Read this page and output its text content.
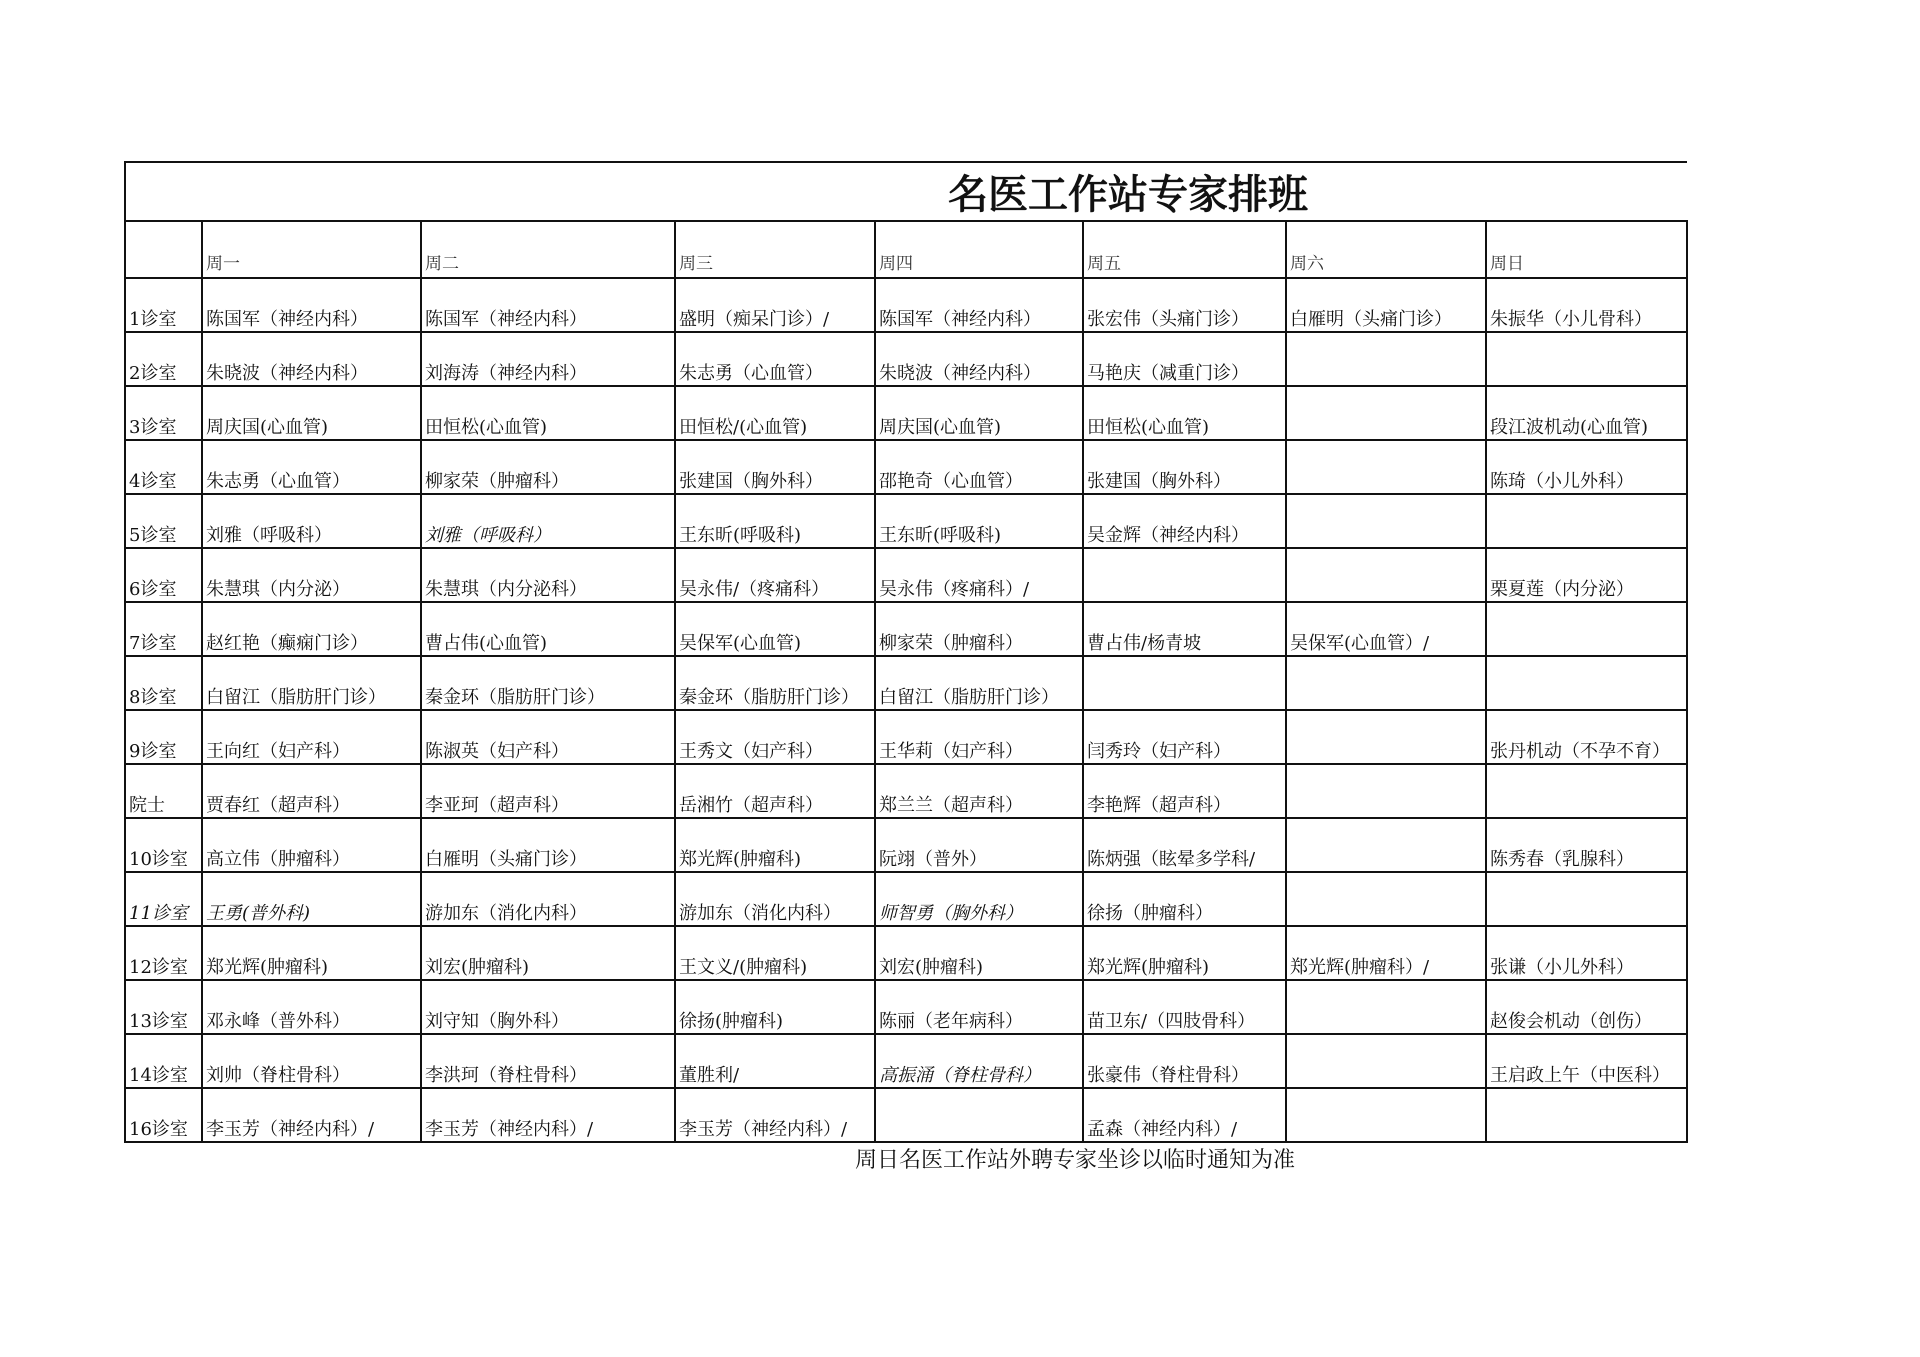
名医工作站专家排班							
	周一	周二	周三	周四	周五	周六	周日
1诊室	陈国军（神经内科）	陈国军（神经内科）	盛明（痴呆门诊）/	陈国军（神经内科）	张宏伟（头痛门诊）	白雁明（头痛门诊）	朱振华（小儿骨科）
2诊室	朱晓波（神经内科）	刘海涛（神经内科）	朱志勇（心血管）	朱晓波（神经内科）	马艳庆（减重门诊）		
3诊室	周庆国(心血管)	田恒松(心血管)	田恒松/(心血管)	周庆国(心血管)	田恒松(心血管)		段江波机动(心血管)
4诊室	朱志勇（心血管）	柳家荣（肿瘤科）	张建国（胸外科）	邵艳奇（心血管）	张建国（胸外科）		陈琦（小儿外科）
5诊室	刘雅（呼吸科）	刘雅（呼吸科）	王东昕(呼吸科)	王东昕(呼吸科)	吴金辉（神经内科）		
6诊室	朱慧琪（内分泌）	朱慧琪（内分泌科）	吴永伟/（疼痛科）	吴永伟（疼痛科）/			栗夏莲（内分泌）
7诊室	赵红艳（癫痫门诊）	曹占伟(心血管)	吴保军(心血管)	柳家荣（肿瘤科）	曹占伟/杨青坡	吴保军(心血管）/	
8诊室	白留江（脂肪肝门诊）	秦金环（脂肪肝门诊）	秦金环（脂肪肝门诊）	白留江（脂肪肝门诊）			
9诊室	王向红（妇产科）	陈淑英（妇产科）	王秀文（妇产科）	王华莉（妇产科）	闫秀玲（妇产科）		张丹机动（不孕不育）
院士	贾春红（超声科）	李亚珂（超声科）	岳湘竹（超声科）	郑兰兰（超声科）	李艳辉（超声科）		
10诊室	高立伟（肿瘤科）	白雁明（头痛门诊）	郑光辉(肿瘤科)	阮翊（普外）	陈炳强（眩晕多学科/		陈秀春（乳腺科）
11诊室	王勇(普外科)	游加东（消化内科）	游加东（消化内科）	师智勇（胸外科）	徐扬（肿瘤科）		
12诊室	郑光辉(肿瘤科)	刘宏(肿瘤科)	王文义/(肿瘤科)	刘宏(肿瘤科)	郑光辉(肿瘤科)	郑光辉(肿瘤科）/	张谦（小儿外科）
13诊室	邓永峰（普外科）	刘守知（胸外科）	徐扬(肿瘤科)	陈丽（老年病科）	苗卫东/（四肢骨科）		赵俊会机动（创伤）
14诊室	刘帅（脊柱骨科）	李洪珂（脊柱骨科）	董胜利/	高振涌（脊柱骨科）	张豪伟（脊柱骨科）		王启政上午（中医科）
16诊室	李玉芳（神经内科）/	李玉芳（神经内科）/	李玉芳（神经内科）/		孟森（神经内科）/		
周日名医工作站外聘专家坐诊以临时通知为准
